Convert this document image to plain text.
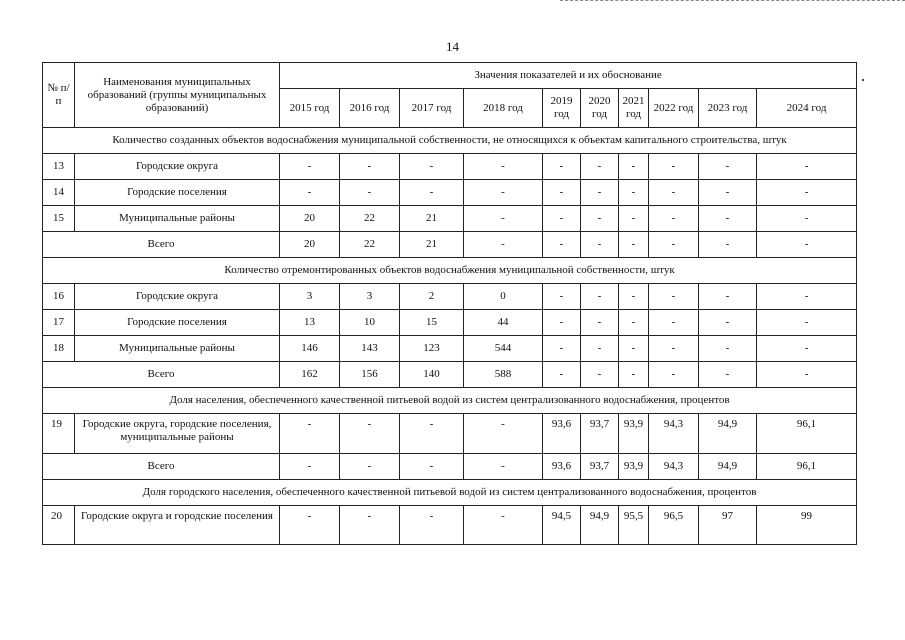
14
№ п/п	Наименования муниципальных образований (группы муниципальных образований)	Значения показателей и их обоснование									
		2015 год	2016 год	2017 год	2018 год	2019 год	2020 год	2021 год	2022 год	2023 год	2024 год
Количество созданных объектов водоснабжения муниципальной собственности, не относящихся к объектам капитального строительства, штук											
13	Городские округа	-	-	-	-	-	-	-	-	-	-
14	Городские поселения	-	-	-	-	-	-	-	-	-	-
15	Муниципальные районы	20	22	21	-	-	-	-	-	-	-
Всего		20	22	21	-	-	-	-	-	-	-
Количество отремонтированных объектов водоснабжения муниципальной собственности, штук											
16	Городские округа	3	3	2	0	-	-	-	-	-	-
17	Городские поселения	13	10	15	44	-	-	-	-	-	-
18	Муниципальные районы	146	143	123	544	-	-	-	-	-	-
Всего		162	156	140	588	-	-	-	-	-	-
Доля населения, обеспеченного качественной питьевой водой из систем централизованного водоснабжения, процентов											
19	Городские округа, городские поселения, муниципальные районы	-	-	-	-	93,6	93,7	93,9	94,3	94,9	96,1
Всего		-	-	-	-	93,6	93,7	93,9	94,3	94,9	96,1
Доля городского населения, обеспеченного качественной питьевой водой из систем централизованного водоснабжения, процентов											
20	Городские округа и городские поселения	-	-	-	-	94,5	94,9	95,5	96,5	97	99
